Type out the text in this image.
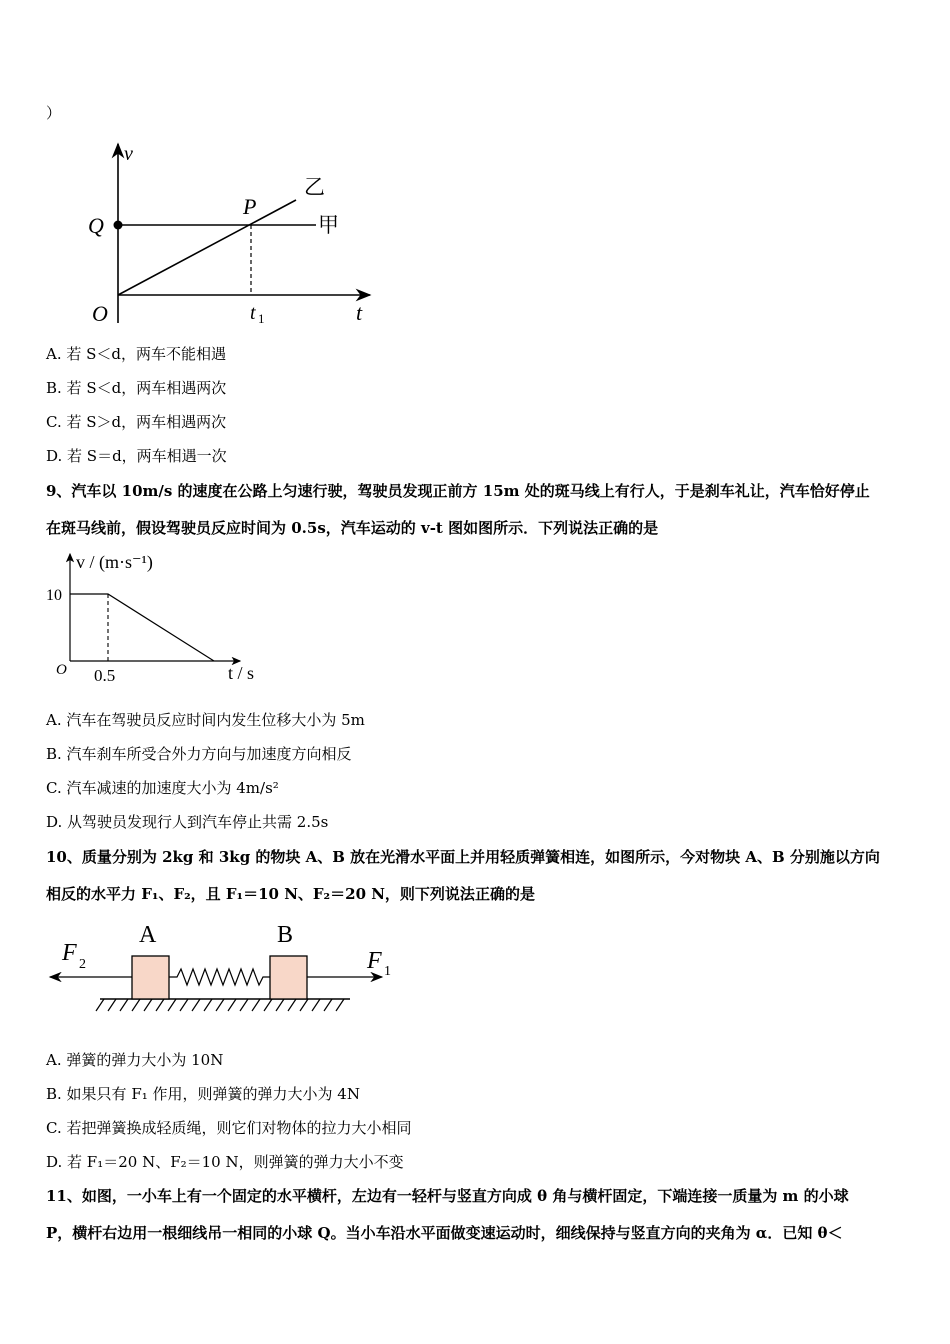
）
v
t
O
Q
P
t 1
甲
乙
A. 若 S＜d，两车不能相遇
B. 若 S＜d，两车相遇两次
C. 若 S＞d，两车相遇两次
D. 若 S＝d，两车相遇一次
9、汽车以 10m/s 的速度在公路上匀速行驶，驾驶员发现正前方 15m 处的斑马线上有行人，于是刹车礼让，汽车恰好停止
在斑马线前，假设驾驶员反应时间为 0.5s，汽车运动的 v-t 图如图所示．下列说法正确的是
v / (m·s⁻¹)
t / s
O
10
0.5
A. 汽车在驾驶员反应时间内发生位移大小为 5m
B. 汽车刹车所受合外力方向与加速度方向相反
C. 汽车减速的加速度大小为 4m/s²
D. 从驾驶员发现行人到汽车停止共需 2.5s
10、质量分别为 2kg 和 3kg 的物块 A、B 放在光滑水平面上并用轻质弹簧相连，如图所示，今对物块 A、B 分别施以方向
相反的水平力 F₁、F₂，且 F₁＝10 N、F₂＝20 N，则下列说法正确的是
A	B
F 2	F 1
A. 弹簧的弹力大小为 10N
B. 如果只有 F₁ 作用，则弹簧的弹力大小为 4N
C. 若把弹簧换成轻质绳，则它们对物体的拉力大小相同
D. 若 F₁＝20 N、F₂＝10 N，则弹簧的弹力大小不变
11、如图，一小车上有一个固定的水平横杆，左边有一轻杆与竖直方向成 θ 角与横杆固定，下端连接一质量为 m 的小球
P，横杆右边用一根细线吊一相同的小球 Q。当小车沿水平面做变速运动时，细线保持与竖直方向的夹角为 α．已知 θ＜
